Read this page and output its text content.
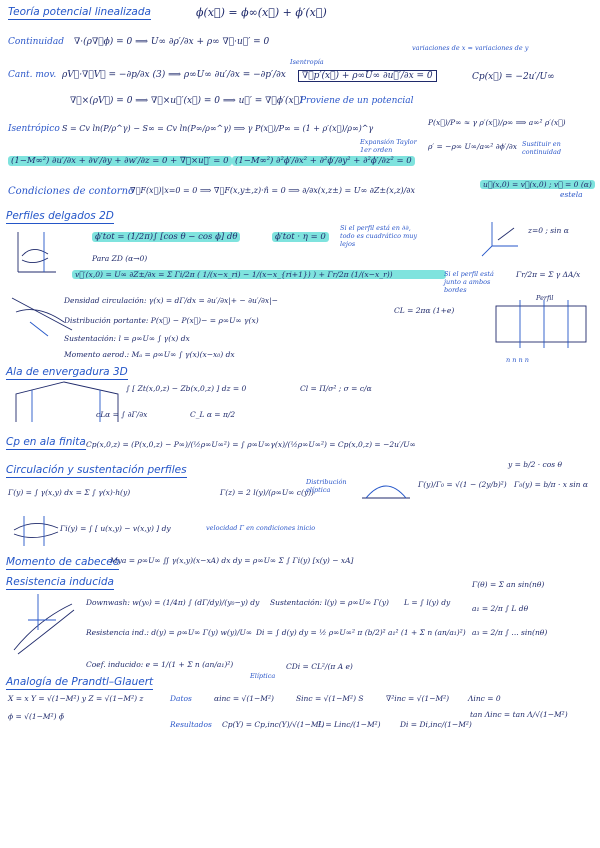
Teoría potencial linealizada	ϕ(x⃗) = ϕ∞(x⃗) + ϕ′(x⃗)
Continuidad ∇·(ρ∇⃗ϕ) = 0 ⟹ U∞ ∂ρ′/∂x + ρ∞ ∇⃗·u⃗′ = 0
variaciones de x ≈ variaciones de y
Cant. mov. ρV⃗·∇⃗V⃗ = −∂p/∂x (3) ⟹ ρ∞U∞ ∂u′/∂x = −∂p′/∂x
Isentropía
∇⃗p′(x⃗) + ρ∞U∞ ∂u⃗′/∂x = 0	Cp(x⃗) = −2u′/U∞
∇⃗×(ρV⃗) = 0 ⟹ ∇⃗×u⃗′(x⃗) = 0 ⟹ u⃗′ = ∇⃗ϕ′(x⃗)
Proviene de un potencial
Isentrópico S = Cv ln(P/ρ^γ) − S∞ = Cv ln(P∞/ρ∞^γ) ⟹ γ P(x⃗)/P∞ = (1 + ρ′(x⃗)/ρ∞)^γ
Expansión Taylor 1er orden
P(x⃗)/P∞ ≈ γ ρ′(x⃗)/ρ∞ ⟹ a∞² ρ′(x⃗)
ρ′ = −ρ∞ U∞/a∞² ∂ϕ′/∂x Sustituir en continuidad
(1−M∞²) ∂u′/∂x + ∂v′/∂y + ∂w′/∂z = 0 + ∇⃗×u⃗′ = 0 (1−M∞²) ∂²ϕ′/∂x² + ∂²ϕ′/∂y² + ∂²ϕ′/∂z² = 0
Condiciones de contorno
∇⃗F(x⃗)|x=0 = 0 ⟹ ∇⃗F(x,y±,z)·n̂ = 0 ⟹ ∂/∂x(x,z±) = U∞ ∂Z±(x,z)/∂x
u⃗(x,0) = v⃗(x,0) ; v⃗ = 0 (α)
estela
Perfiles delgados 2D
z=0 ; sin α
ϕ′tot = (1/2π)∫ [cos θ − cos ϕ] dθ	ϕ′tot · η = 0
Si el perfil está en ∂∂, todo es cuadrático muy lejos
Para ZD (α→0)
v⃗′(x,0) = U∞ ∂Z±/∂x = Σ Γi/2π ( 1/(x−x_ri) − 1/(x−x_{ri+1}) ) + Γr/2π (1/(x−x_r))	Si el perfil está junto a ambos bordes
Γr/2π = Σ γ ΔA/x
Densidad circulación: γ(x) = dΓ/dx = ∂u′/∂x|+ − ∂u′/∂x|−
Distribución portante: P(x⃗) − P(x⃗)− = ρ∞U∞ γ(x)
Sustentación: l = ρ∞U∞ ∫ γ(x) dx
Momento aerod.: Mₐ = ρ∞U∞ ∫ γ(x)(x−x₀) dx
CL = 2πα (1+e)
Perfil
n n n n
Ala de envergadura 3D
∫ [ Zt(x,0,z) − Zb(x,0,z) ] dz = 0	Cl = Π/σ² ; σ = c/α
cLα = ∫ ∂Γ/∂x	C_L α = π/2
Cp en ala finita Cp(x,0,z) = (P(x,0,z) − P∞)/(½ρ∞U∞²) = ∫ ρ∞U∞γ(x)/(½ρ∞U∞²) = Cp(x,0,z) = −2u′/U∞
Circulación y sustentación perfiles	y = b/2 · cos θ
Γ(y) = ∫ γ(x,y) dx = Σ ∫ γ(x)·h(y)	Γ(z) = 2 l(y)/(ρ∞U∞ c(y))
Distribución elíptica
Γ(y)/Γ₀ = √(1 − (2y/b)²) Γ₀(y) = b/π · x sin α
Γi(y) = ∫ [ u(x,y) − v(x,y) ] dy	velocidad Γ en condiciones inicio
Momento de cabeceo
Mya = ρ∞U∞ ∬ γ(x,y)(x−xA) dx dy = ρ∞U∞ Σ ∫ Γi(y) [x(y) − xA]
Resistencia inducida
Downwash: w(y₀) = (1/4π) ∫ (dΓ/dy)/(y₀−y) dy Sustentación: l(y) = ρ∞U∞ Γ(y) L = ∫ l(y) dy
Resistencia ind.: d(y) = ρ∞U∞ Γ(y) w(y)/U∞ Di = ∫ d(y) dy = ½ ρ∞U∞² π (b/2)² a₁² (1 + Σ n (an/a₁)²)
Γ(θ) = Σ an sin(nθ)
a₁ = 2/π ∫ L dθ
a₃ = 2/π ∫ ... sin(nθ)
Coef. inducido: e = 1/(1 + Σ n (an/a₁)²)
Elíptica
CDi = CL²/(π A e)
Analogía de Prandtl–Glauert
X = x Y = √(1−M²) y Z = √(1−M²) z
ϕ = √(1−M²) ϕ̄
Datos	αinc = √(1−M²)	Sinc = √(1−M²) S	∇²inc = √(1−M²)	Λinc = 0
tan Λinc = tan Λ/√(1−M²)
Resultados Cp(Y) = Cp,inc(Y)/√(1−M²)
L = Linc/(1−M²)	Di = Di,inc/(1−M²)
